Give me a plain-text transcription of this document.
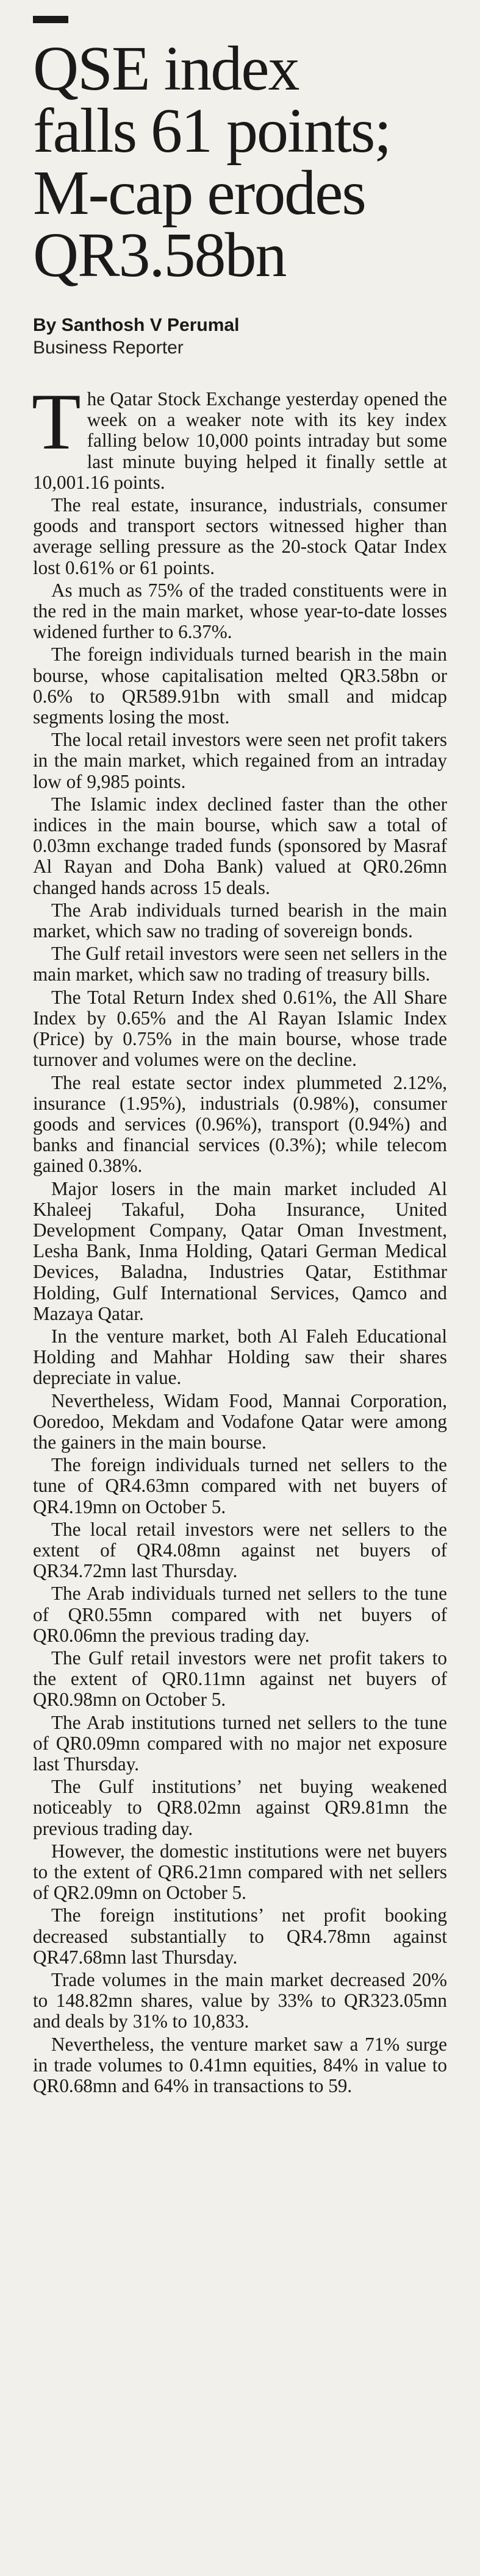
QSE index
falls 61 points;
M-cap erodes
QR3.58bn
By Santhosh V Perumal
Business Reporter

The Qatar Stock Exchange yesterday opened the week on a weaker note with its key index falling below 10,000 points intraday but some last minute buying helped it finally settle at 10,001.16 points.

The real estate, insurance, industrials, consumer goods and transport sectors witnessed higher than average selling pressure as the 20-stock Qatar Index lost 0.61% or 61 points.

As much as 75% of the traded constituents were in the red in the main market, whose year-to-date losses widened further to 6.37%.

The foreign individuals turned bearish in the main bourse, whose capitalisation melted QR3.58bn or 0.6% to QR589.91bn with small and midcap segments losing the most.

The local retail investors were seen net profit takers in the main market, which regained from an intraday low of 9,985 points.

The Islamic index declined faster than the other indices in the main bourse, which saw a total of 0.03mn exchange traded funds (sponsored by Masraf Al Rayan and Doha Bank) valued at QR0.26mn changed hands across 15 deals.

The Arab individuals turned bearish in the main market, which saw no trading of sovereign bonds.

The Gulf retail investors were seen net sellers in the main market, which saw no trading of treasury bills.

The Total Return Index shed 0.61%, the All Share Index by 0.65% and the Al Rayan Islamic Index (Price) by 0.75% in the main bourse, whose trade turnover and volumes were on the decline.

The real estate sector index plummeted 2.12%, insurance (1.95%), industrials (0.98%), consumer goods and services (0.96%), transport (0.94%) and banks and financial services (0.3%); while telecom gained 0.38%.

Major losers in the main market included Al Khaleej Takaful, Doha Insurance, United Development Company, Qatar Oman Investment, Lesha Bank, Inma Holding, Qatari German Medical Devices, Baladna, Industries Qatar, Estithmar Holding, Gulf International Services, Qamco and Mazaya Qatar.

In the venture market, both Al Faleh Educational Holding and Mahhar Holding saw their shares depreciate in value.

Nevertheless, Widam Food, Mannai Corporation, Ooredoo, Mekdam and Vodafone Qatar were among the gainers in the main bourse.

The foreign individuals turned net sellers to the tune of QR4.63mn compared with net buyers of QR4.19mn on October 5.

The local retail investors were net sellers to the extent of QR4.08mn against net buyers of QR34.72mn last Thursday.

The Arab individuals turned net sellers to the tune of QR0.55mn compared with net buyers of QR0.06mn the previous trading day.

The Gulf retail investors were net profit takers to the extent of QR0.11mn against net buyers of QR0.98mn on October 5.

The Arab institutions turned net sellers to the tune of QR0.09mn compared with no major net exposure last Thursday.

The Gulf institutions’ net buying weakened noticeably to QR8.02mn against QR9.81mn the previous trading day.

However, the domestic institutions were net buyers to the extent of QR6.21mn compared with net sellers of QR2.09mn on October 5.

The foreign institutions’ net profit booking decreased substantially to QR4.78mn against QR47.68mn last Thursday.

Trade volumes in the main market decreased 20% to 148.82mn shares, value by 33% to QR323.05mn and deals by 31% to 10,833.

Nevertheless, the venture market saw a 71% surge in trade volumes to 0.41mn equities, 84% in value to QR0.68mn and 64% in transactions to 59.
